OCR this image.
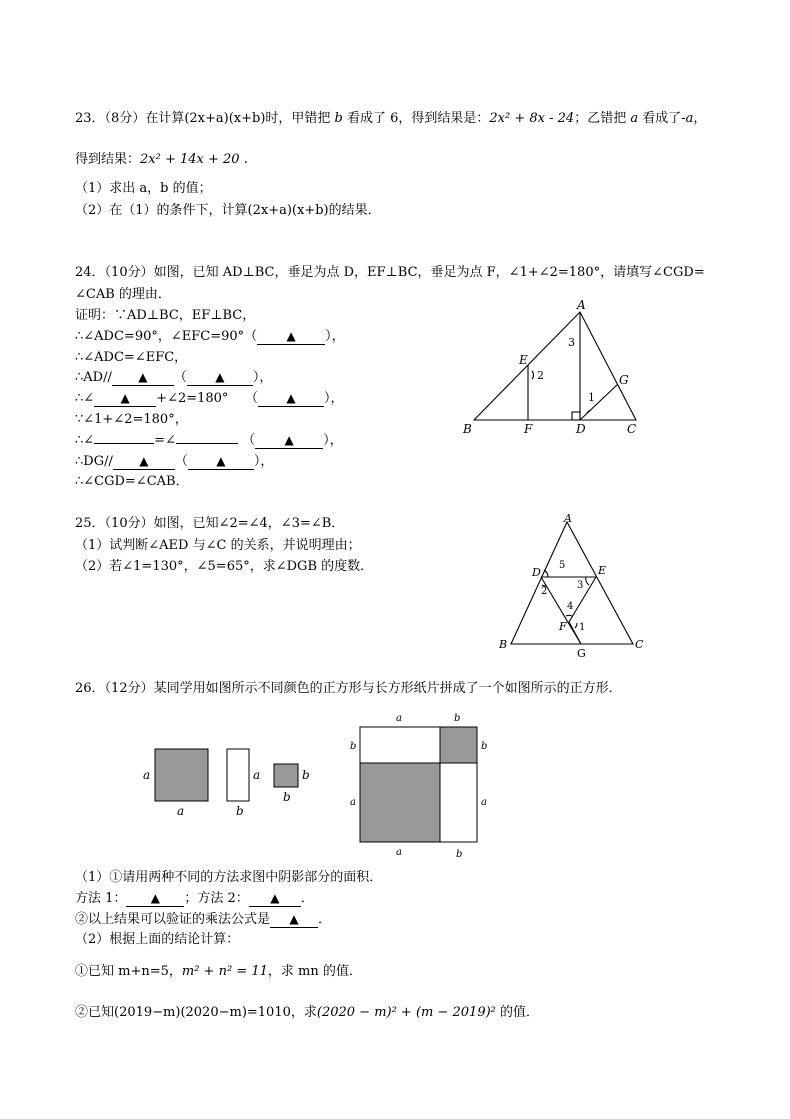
23．（8分）在计算(2x+a)(x+b)时，甲错把 b 看成了 6，得到结果是：2x² + 8x - 24；乙错把 a 看成了-a，
得到结果：2x² + 14x + 20 .
（1）求出 a，b 的值；
（2）在（1）的条件下，计算(2x+a)(x+b)的结果．
24．（10分）如图，已知 AD⊥BC，垂足为点 D，EF⊥BC，垂足为点 F，∠1+∠2=180°，请填写∠CGD=
∠CAB 的理由．
证明：∵AD⊥BC，EF⊥BC，
∴∠ADC=90°，∠EFC=90°（ ▲ ），
∴∠ADC=∠EFC，
∴AD// ▲ （ ▲ ），
∴∠ ▲ +∠2=180° （ ▲ ），
∵∠1+∠2=180°，
∴∠	=∠	（ ▲ ），
∴DG// ▲ （ ▲ ），
∴∠CGD=∠CAB．
A
B	C
D
E
F
G
2
3
1
25．（10分）如图，已知∠2=∠4，∠3=∠B．
（1）试判断∠AED 与∠C 的关系，并说明理由；
（2）若∠1=130°，∠5=65°，求∠DGB 的度数．
A
B	C
D	E
F
G
5
2
3
4
1
26．（12分）某同学用如图所示不同颜色的正方形与长方形纸片拼成了一个如图所示的正方形．
a
a
a
b
b
b
a	b
b
a
b
a
a	b
（1）①请用两种不同的方法求图中阴影部分的面积．
方法 1： ▲ ；方法 2： ▲ ．
②以上结果可以验证的乘法公式是 ▲ ．
（2）根据上面的结论计算：
①已知 m+n=5，m² + n² = 11，求 mn 的值．
②已知(2019−m)(2020−m)=1010，求(2020 − m)² + (m − 2019)² 的值．
